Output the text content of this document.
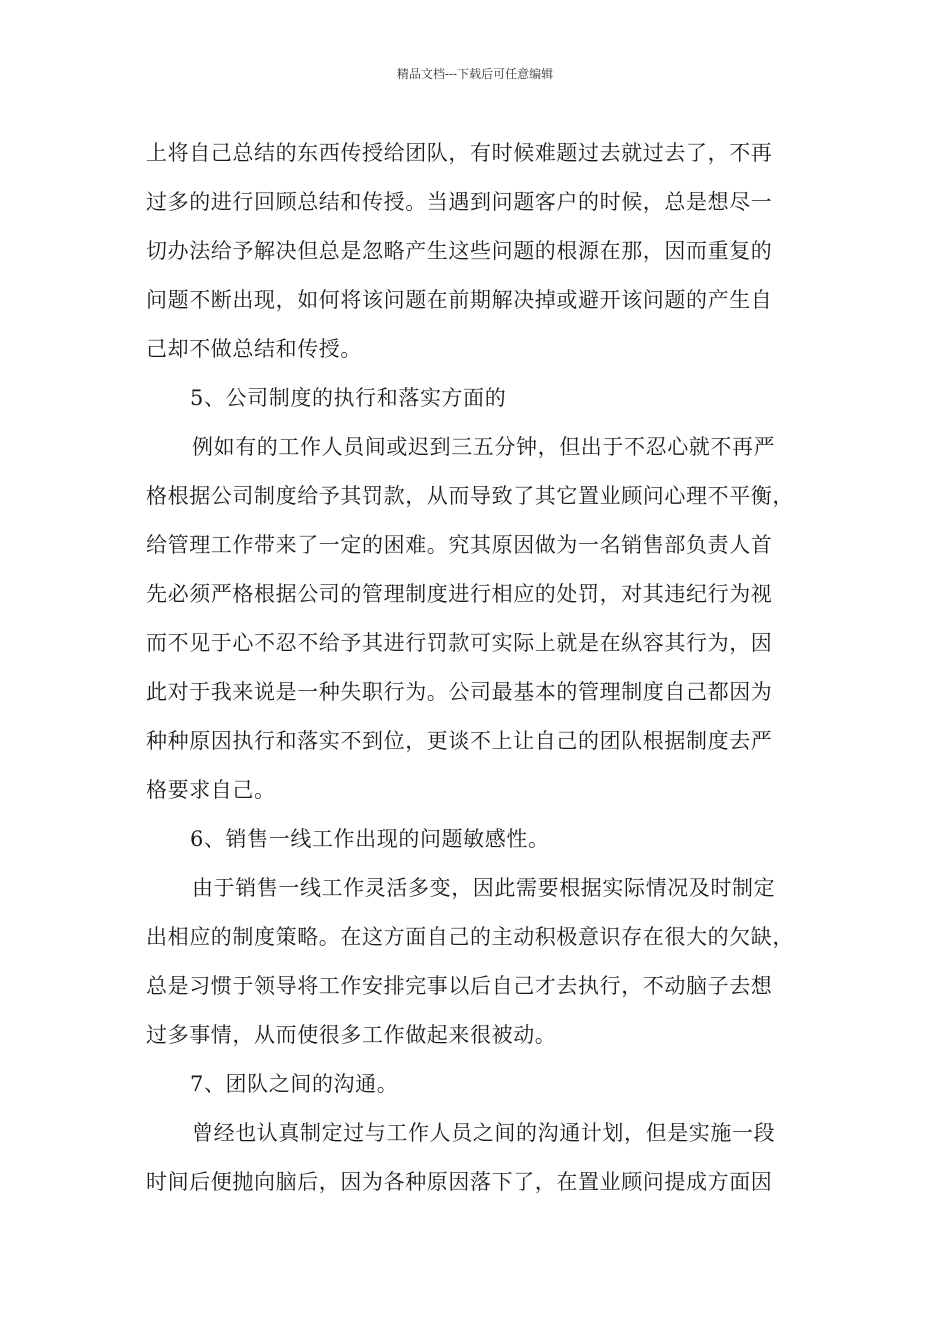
精品文档---下载后可任意编辑
上将自己总结的东西传授给团队，有时候难题过去就过去了，不再
过多的进行回顾总结和传授。当遇到问题客户的时候，总是想尽一
切办法给予解决但总是忽略产生这些问题的根源在那，因而重复的
问题不断出现，如何将该问题在前期解决掉或避开该问题的产生自
己却不做总结和传授。
5、公司制度的执行和落实方面的
例如有的工作人员间或迟到三五分钟，但出于不忍心就不再严
格根据公司制度给予其罚款，从而导致了其它置业顾问心理不平衡，
给管理工作带来了一定的困难。究其原因做为一名销售部负责人首
先必须严格根据公司的管理制度进行相应的处罚，对其违纪行为视
而不见于心不忍不给予其进行罚款可实际上就是在纵容其行为，因
此对于我来说是一种失职行为。公司最基本的管理制度自己都因为
种种原因执行和落实不到位，更谈不上让自己的团队根据制度去严
格要求自己。
6、销售一线工作出现的问题敏感性。
由于销售一线工作灵活多变，因此需要根据实际情况及时制定
出相应的制度策略。在这方面自己的主动积极意识存在很大的欠缺，
总是习惯于领导将工作安排完事以后自己才去执行，不动脑子去想
过多事情，从而使很多工作做起来很被动。
7、团队之间的沟通。
曾经也认真制定过与工作人员之间的沟通计划，但是实施一段
时间后便抛向脑后，因为各种原因落下了，在置业顾问提成方面因
